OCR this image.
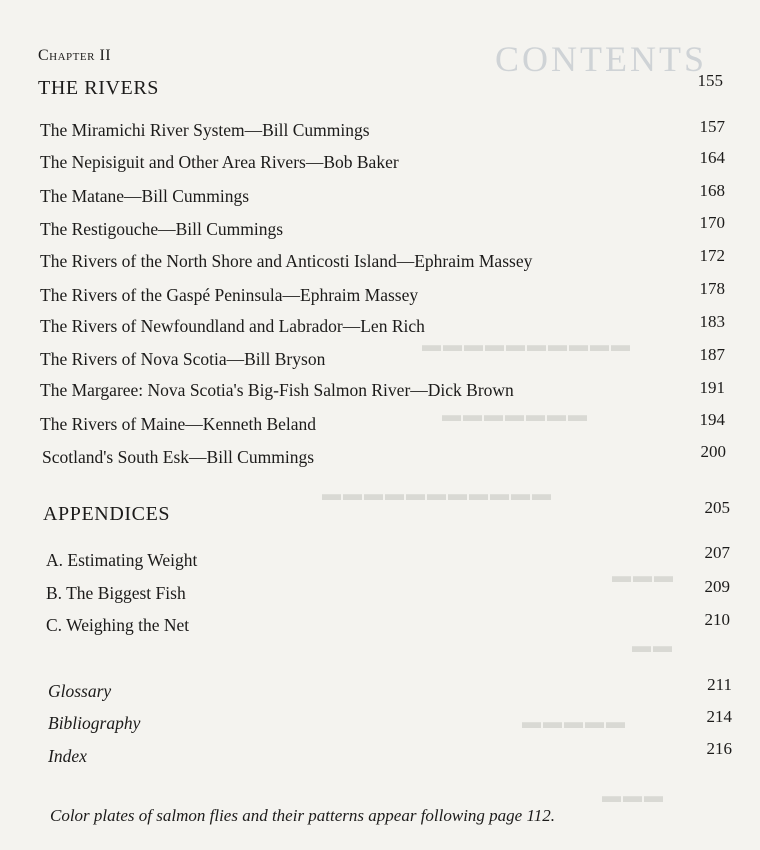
CONTENTS
▬▬▬▬▬▬▬▬▬▬
▬▬▬▬▬▬▬
▬▬▬▬▬▬▬▬▬▬▬
▬▬▬
▬▬
▬▬▬▬▬
▬▬▬
Chapter II
THE RIVERS	155
The Miramichi River System—Bill Cummings	157
The Nepisiguit and Other Area Rivers—Bob Baker	164
The Matane—Bill Cummings	168
The Restigouche—Bill Cummings	170
The Rivers of the North Shore and Anticosti Island—Ephraim Massey	172
The Rivers of the Gaspé Peninsula—Ephraim Massey	178
The Rivers of Newfoundland and Labrador—Len Rich	183
The Rivers of Nova Scotia—Bill Bryson	187
The Margaree: Nova Scotia's Big-Fish Salmon River—Dick Brown	191
The Rivers of Maine—Kenneth Beland	194
Scotland's South Esk—Bill Cummings	200
APPENDICES	205
A. Estimating Weight	207
B. The Biggest Fish	209
C. Weighing the Net	210
Glossary	211
Bibliography	214
Index	216
Color plates of salmon flies and their patterns appear following page 112.
